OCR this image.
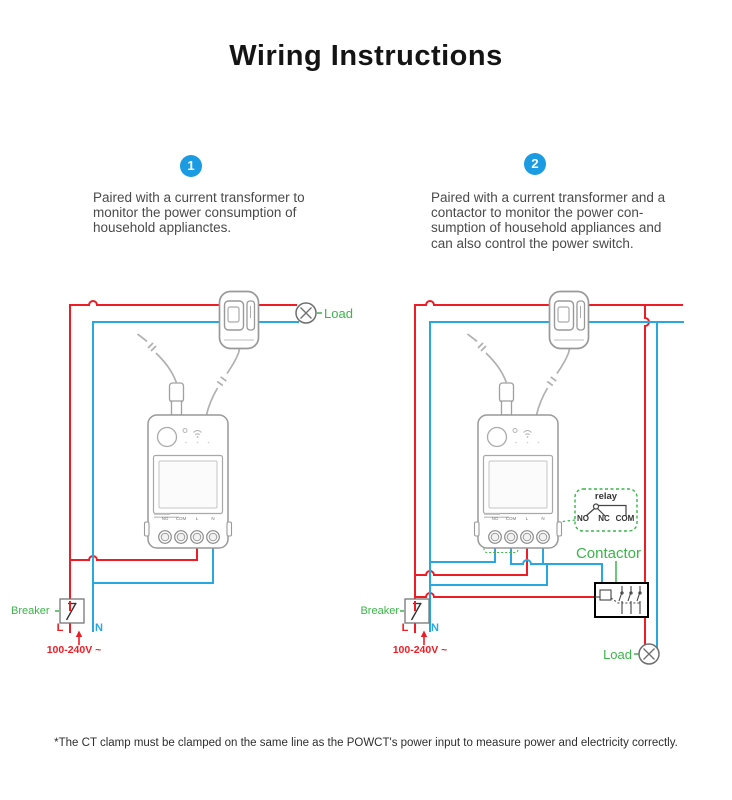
Wiring Instructions
1	2
Paired with a current transformer to
monitor the power consumption of
household applianctes.
Paired with a current transformer and a
contactor to monitor the power con-
sumption of household appliances and
can also control the power switch.
Load
Load
Breaker	Breaker
L	N	L N
100-240V ~	100-240V ~
Contactor
relay
NO NC COM
NO	COM	L	N	NO	COM	L	N
*The CT clamp must be clamped on the same line as the POWCT's power input to measure power and electricity correctly.
